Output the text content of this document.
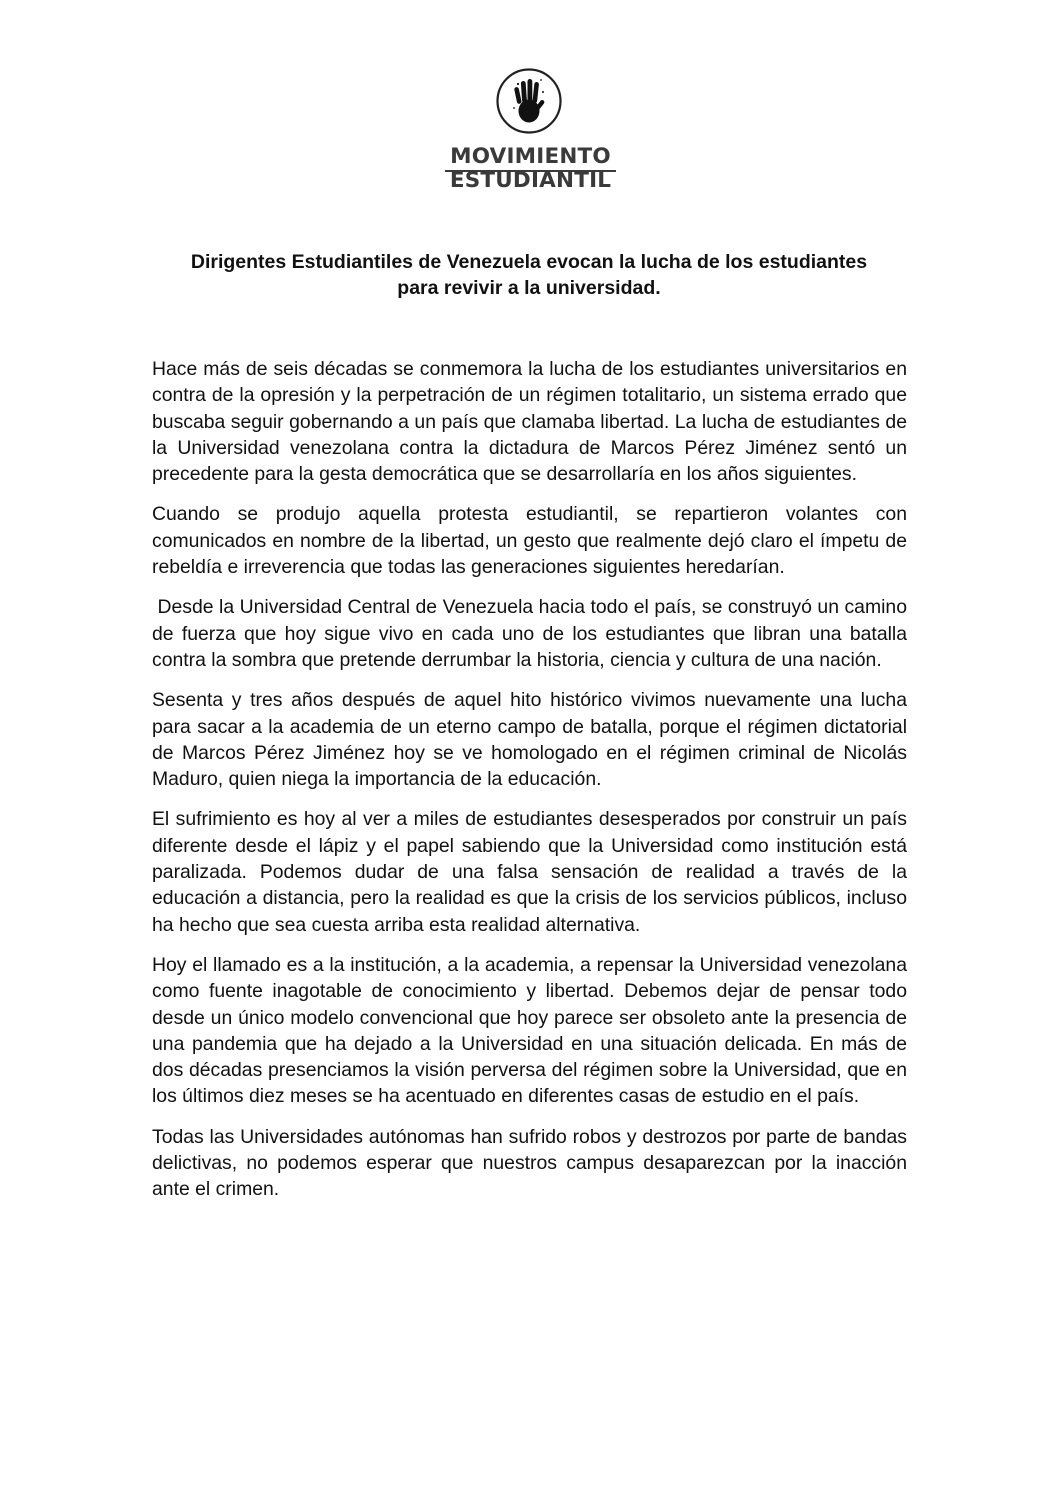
MOVIMIENTO
ESTUDIANTIL
Dirigentes Estudiantiles de Venezuela evocan la lucha de los estudiantes
para revivir a la universidad.

Hace más de seis décadas se conmemora la lucha de los estudiantes universitarios en contra de la opresión y la perpetración de un régimen totalitario, un sistema errado que buscaba seguir gobernando a un país que clamaba libertad. La lucha de estudiantes de la Universidad venezolana contra la dictadura de Marcos Pérez Jiménez sentó un precedente para la gesta democrática que se desarrollaría en los años siguientes.

Cuando se produjo aquella protesta estudiantil, se repartieron volantes con comunicados en nombre de la libertad, un gesto que realmente dejó claro el ímpetu de rebeldía e irreverencia que todas las generaciones siguientes heredarían.

Desde la Universidad Central de Venezuela hacia todo el país, se construyó un camino de fuerza que hoy sigue vivo en cada uno de los estudiantes que libran una batalla contra la sombra que pretende derrumbar la historia, ciencia y cultura de una nación.

Sesenta y tres años después de aquel hito histórico vivimos nuevamente una lucha para sacar a la academia de un eterno campo de batalla, porque el régimen dictatorial de Marcos Pérez Jiménez hoy se ve homologado en el régimen criminal de Nicolás Maduro, quien niega la importancia de la educación.

El sufrimiento es hoy al ver a miles de estudiantes desesperados por construir un país diferente desde el lápiz y el papel sabiendo que la Universidad como institución está paralizada. Podemos dudar de una falsa sensación de realidad a través de la educación a distancia, pero la realidad es que la crisis de los servicios públicos, incluso ha hecho que sea cuesta arriba esta realidad alternativa.

Hoy el llamado es a la institución, a la academia, a repensar la Universidad venezolana como fuente inagotable de conocimiento y libertad. Debemos dejar de pensar todo desde un único modelo convencional que hoy parece ser obsoleto ante la presencia de una pandemia que ha dejado a la Universidad en una situación delicada. En más de dos décadas presenciamos la visión perversa del régimen sobre la Universidad, que en los últimos diez meses se ha acentuado en diferentes casas de estudio en el país.

Todas las Universidades autónomas han sufrido robos y destrozos por parte de bandas delictivas, no podemos esperar que nuestros campus desaparezcan por la inacción ante el crimen.
